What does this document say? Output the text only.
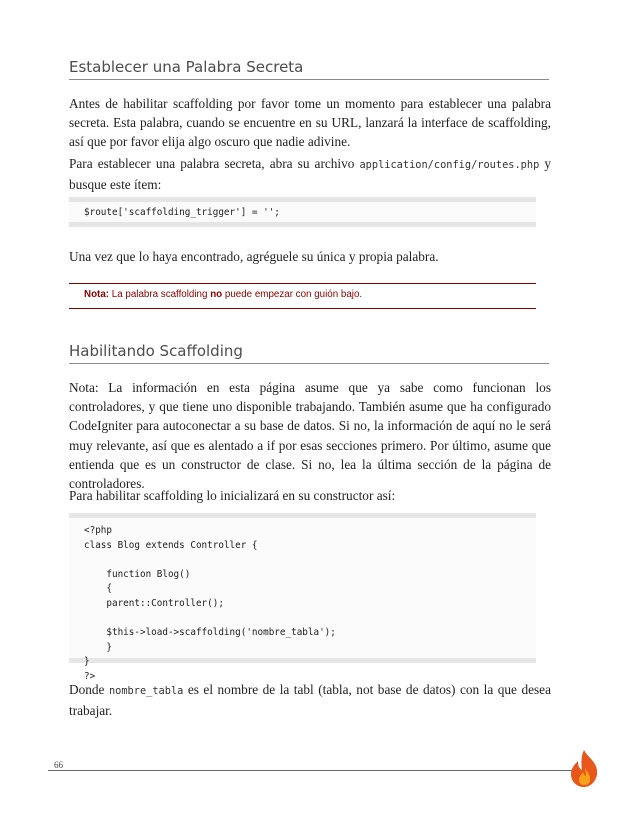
Establecer una Palabra Secreta
Antes de habilitar scaffolding por favor tome un momento para establecer una palabra secreta. Esta palabra, cuando se encuentre en su URL, lanzará la interface de scaffolding, así que por favor elija algo oscuro que nadie adivine.
Para establecer una palabra secreta, abra su archivo application/config/routes.php y busque este ítem:
$route['scaffolding_trigger'] = '';
Una vez que lo haya encontrado, agréguele su única y propia palabra.
Nota: La palabra scaffolding no puede empezar con guión bajo.
Habilitando Scaffolding
Nota: La información en esta página asume que ya sabe como funcionan los controladores, y que tiene uno disponible trabajando. También asume que ha configurado CodeIgniter para autoconectar a su base de datos. Si no, la información de aquí no le será muy relevante, así que es alentado a if por esas secciones primero. Por último, asume que entienda que es un constructor de clase. Si no, lea la última sección de la página de controladores.
Para habilitar scaffolding lo inicializará en su constructor así:
<?php
class Blog extends Controller {

function Blog()
{
parent::Controller();

$this->load->scaffolding('nombre_tabla');
}
}
?>
Donde nombre_tabla es el nombre de la tabl (tabla, not base de datos) con la que desea trabajar.
66
